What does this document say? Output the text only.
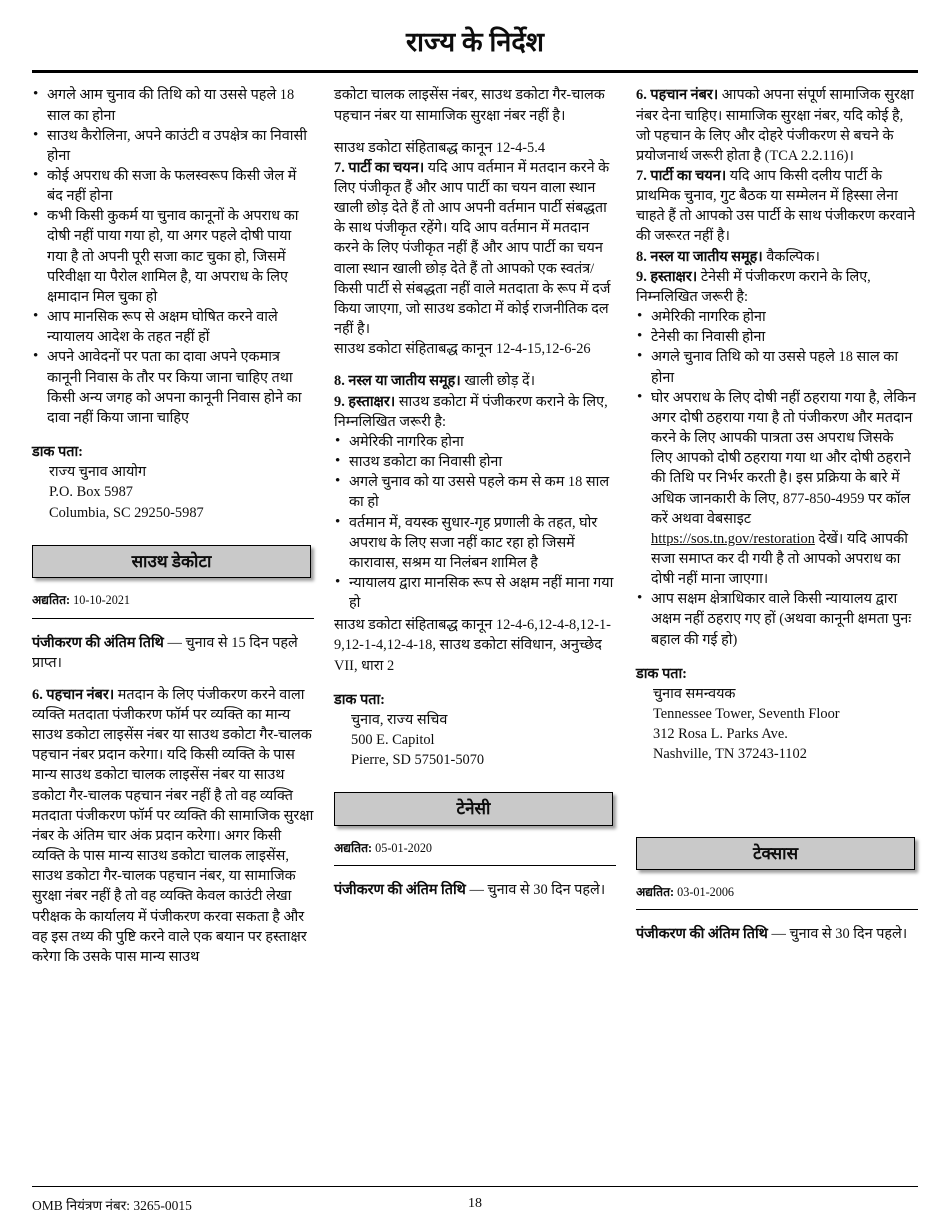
राज्य के निर्देश
• अगले आम चुनाव की तिथि को या उससे पहले 18 साल का होना
• साउथ कैरोलिना, अपने काउंटी व उपक्षेत्र का निवासी होना
• कोई अपराध की सजा के फलस्वरूप किसी जेल में बंद नहीं होना
• कभी किसी कुकर्म या चुनाव कानूनों के अपराध का दोषी नहीं पाया गया हो, या अगर पहले दोषी पाया गया है तो अपनी पूरी सजा काट चुका हो, जिसमें परिवीक्षा या पैरोल शामिल है, या अपराध के लिए क्षमादान मिल चुका हो
• आप मानसिक रूप से अक्षम घोषित करने वाले न्यायालय आदेश के तहत नहीं हों
• अपने आवेदनों पर पता का दावा अपने एकमात्र कानूनी निवास के तौर पर किया जाना चाहिए तथा किसी अन्य जगह को अपना कानूनी निवास होने का दावा नहीं किया जाना चाहिए
डाक पता:
राज्य चुनाव आयोग
P.O. Box 5987
Columbia, SC 29250-5987
साउथ डेकोटा
अद्यतित: 10-10-2021

पंजीकरण की अंतिम तिथि — चुनाव से 15 दिन पहले प्राप्त।

6. पहचान नंबर। मतदान के लिए पंजीकरण करने वाला व्यक्ति मतदाता पंजीकरण फॉर्म पर व्यक्ति का मान्य साउथ डकोटा लाइसेंस नंबर या साउथ डकोटा गैर-चालक पहचान नंबर प्रदान करेगा। यदि किसी व्यक्ति के पास मान्य साउथ डकोटा चालक लाइसेंस नंबर या साउथ डकोटा गैर-चालक पहचान नंबर नहीं है तो वह व्यक्ति मतदाता पंजीकरण फॉर्म पर व्यक्ति की सामाजिक सुरक्षा नंबर के अंतिम चार अंक प्रदान करेगा। अगर किसी व्यक्ति के पास मान्य साउथ डकोटा चालक लाइसेंस, साउथ डकोटा गैर-चालक पहचान नंबर, या सामाजिक सुरक्षा नंबर नहीं है तो वह व्यक्ति केवल काउंटी लेखा परीक्षक के कार्यालय में पंजीकरण करवा सकता है और वह इस तथ्य की पुष्टि करने वाले एक बयान पर हस्ताक्षर करेगा कि उसके पास मान्य साउथ

डकोटा चालक लाइसेंस नंबर, साउथ डकोटा गैर-चालक पहचान नंबर या सामाजिक सुरक्षा नंबर नहीं है।

साउथ डकोटा संहिताबद्ध कानून 12-4-5.4

7. पार्टी का चयन। यदि आप वर्तमान में मतदान करने के लिए पंजीकृत हैं और आप पार्टी का चयन वाला स्थान खाली छोड़ देते हैं तो आप अपनी वर्तमान पार्टी संबद्धता के साथ पंजीकृत रहेंगे। यदि आप वर्तमान में मतदान करने के लिए पंजीकृत नहीं हैं और आप पार्टी का चयन वाला स्थान खाली छोड़ देते हैं तो आपको एक स्वतंत्र/किसी पार्टी से संबद्धता नहीं वाले मतदाता के रूप में दर्ज किया जाएगा, जो साउथ डकोटा में कोई राजनीतिक दल नहीं है।

साउथ डकोटा संहिताबद्ध कानून 12-4-15,12-6-26

8. नस्ल या जातीय समूह। खाली छोड़ दें।

9. हस्ताक्षर। साउथ डकोटा में पंजीकरण कराने के लिए, निम्नलिखित जरूरी है:

• अमेरिकी नागरिक होना
• साउथ डकोटा का निवासी होना
• अगले चुनाव को या उससे पहले कम से कम 18 साल का हो
• वर्तमान में, वयस्क सुधार-गृह प्रणाली के तहत, घोर अपराध के लिए सजा नहीं काट रहा हो जिसमें कारावास, सश्रम या निलंबन शामिल है
• न्यायालय द्वारा मानसिक रूप से अक्षम नहीं माना गया हो

साउथ डकोटा संहिताबद्ध कानून 12-4-6,12-4-8,12-1-9,12-1-4,12-4-18, साउथ डकोटा संविधान, अनुच्छेद VII, धारा 2

डाक पता:
चुनाव, राज्य सचिव
500 E. Capitol
Pierre, SD 57501-5070
टेनेसी
अद्यतित: 05-01-2020

पंजीकरण की अंतिम तिथि — चुनाव से 30 दिन पहले।

6. पहचान नंबर। आपको अपना संपूर्ण सामाजिक सुरक्षा नंबर देना चाहिए। सामाजिक सुरक्षा नंबर, यदि कोई है, जो पहचान के लिए और दोहरे पंजीकरण से बचने के प्रयोजनार्थ जरूरी होता है (TCA 2.2.116)।

7. पार्टी का चयन। यदि आप किसी दलीय पार्टी के प्राथमिक चुनाव, गुट बैठक या सम्मेलन में हिस्सा लेना चाहते हैं तो आपको उस पार्टी के साथ पंजीकरण करवाने की जरूरत नहीं है।

8. नस्ल या जातीय समूह। वैकल्पिक।

9. हस्ताक्षर। टेनेसी में पंजीकरण कराने के लिए, निम्नलिखित जरूरी है:

• अमेरिकी नागरिक होना
• टेनेसी का निवासी होना
• अगले चुनाव तिथि को या उससे पहले 18 साल का होना
• घोर अपराध के लिए दोषी नहीं ठहराया गया है, लेकिन अगर दोषी ठहराया गया है तो पंजीकरण और मतदान करने के लिए आपकी पात्रता उस अपराध जिसके लिए आपको दोषी ठहराया गया था और दोषी ठहराने की तिथि पर निर्भर करती है। इस प्रक्रिया के बारे में अधिक जानकारी के लिए, 877-850-4959 पर कॉल करें अथवा वेबसाइट https://sos.tn.gov/restoration देखें। यदि आपकी सजा समाप्त कर दी गयी है तो आपको अपराध का दोषी नहीं माना जाएगा।
• आप सक्षम क्षेत्राधिकार वाले किसी न्यायालय द्वारा अक्षम नहीं ठहराए गए हों (अथवा कानूनी क्षमता पुनः बहाल की गई हो)
डाक पता:
चुनाव समन्वयक
Tennessee Tower, Seventh Floor
312 Rosa L. Parks Ave.
Nashville, TN 37243-1102
टेक्सास
अद्यतित: 03-01-2006

पंजीकरण की अंतिम तिथि — चुनाव से 30 दिन पहले।

OMB नियंत्रण नंबर: 3265-0015	18
